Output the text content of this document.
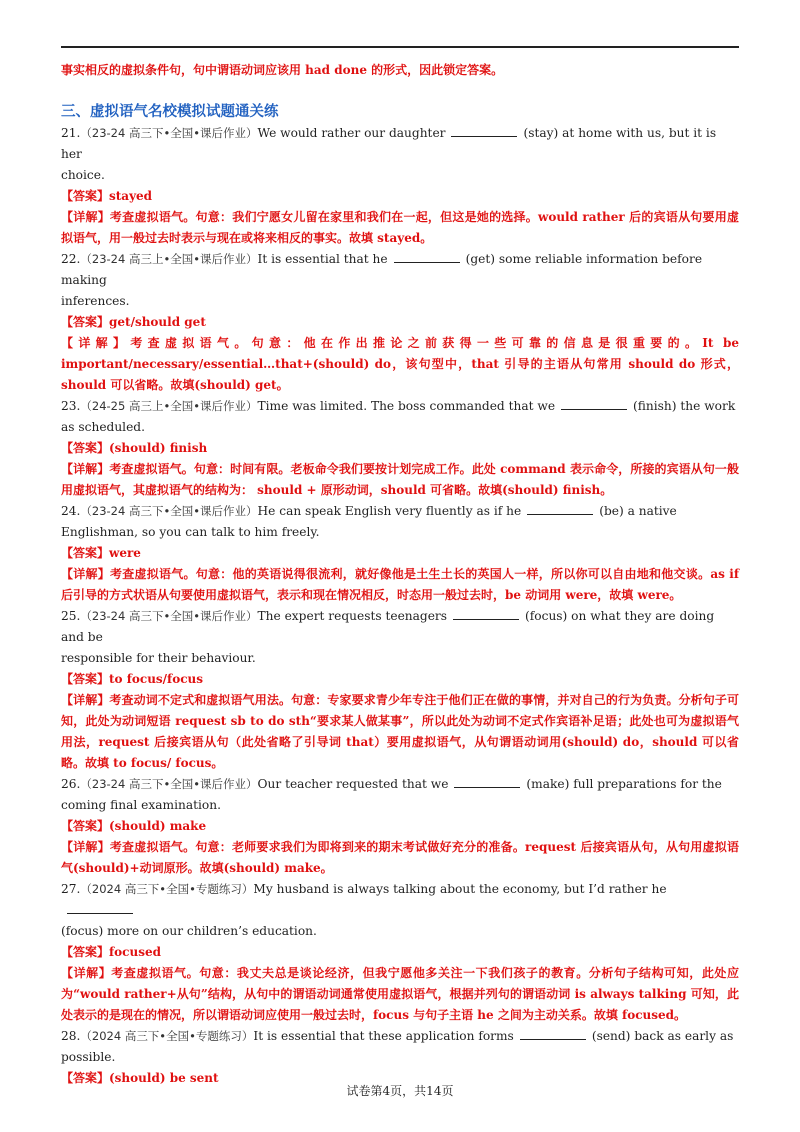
事实相反的虚拟条件句，句中谓语动词应该用 had done 的形式，因此锁定答案。

三、虚拟语气名校模拟试题通关练

21.（23-24 高三下•全国•课后作业）We would rather our daughter	(stay) at home with us, but it is her

choice.

【答案】stayed

【详解】考查虚拟语气。句意：我们宁愿女儿留在家里和我们在一起，但这是她的选择。would rather 后的宾语从句要用虚拟语气，用一般过去时表示与现在或将来相反的事实。故填 stayed。

22.（23-24 高三上•全国•课后作业）It is essential that he	(get) some reliable information before making

inferences.

【答案】get/should get

【详解】考查虚拟语气。句意：他在作出推论之前获得一些可靠的信息是很重要的。It be important/necessary/essential…that+(should) do，该句型中，that 引导的主语从句常用 should do 形式，should 可以省略。故填(should) get。

23.（24-25 高三上•全国•课后作业）Time was limited. The boss commanded that we	(finish) the work

as scheduled.

【答案】(should) finish

【详解】考查虚拟语气。句意：时间有限。老板命令我们要按计划完成工作。此处 command 表示命令，所接的宾语从句一般用虚拟语气，其虚拟语气的结构为： should + 原形动词，should 可省略。故填(should) finish。

24.（23-24 高三下•全国•课后作业）He can speak English very fluently as if he	(be) a native

Englishman, so you can talk to him freely.

【答案】were

【详解】考查虚拟语气。句意：他的英语说得很流利，就好像他是土生土长的英国人一样，所以你可以自由地和他交谈。as if 后引导的方式状语从句要使用虚拟语气，表示和现在情况相反，时态用一般过去时，be 动词用 were，故填 were。

25.（23-24 高三下•全国•课后作业）The expert requests teenagers	(focus) on what they are doing and be

responsible for their behaviour.

【答案】to focus/focus

【详解】考查动词不定式和虚拟语气用法。句意：专家要求青少年专注于他们正在做的事情，并对自己的行为负责。分析句子可知，此处为动词短语 request sb to do sth“要求某人做某事”，所以此处为动词不定式作宾语补足语；此处也可为虚拟语气用法，request 后接宾语从句（此处省略了引导词 that）要用虚拟语气，从句谓语动词用(should) do，should 可以省略。故填 to focus/ focus。

26.（23-24 高三下•全国•课后作业）Our teacher requested that we	(make) full preparations for the

coming final examination.

【答案】(should) make

【详解】考查虚拟语气。句意：老师要求我们为即将到来的期末考试做好充分的准备。request 后接宾语从句，从句用虚拟语气(should)+动词原形。故填(should) make。

27.（2024 高三下•全国•专题练习）My husband is always talking about the economy, but I’d rather he

(focus) more on our children’s education.

【答案】focused

【详解】考查虚拟语气。句意：我丈夫总是谈论经济，但我宁愿他多关注一下我们孩子的教育。分析句子结构可知，此处应为“would rather+从句”结构，从句中的谓语动词通常使用虚拟语气，根据并列句的谓语动词 is always talking 可知，此处表示的是现在的情况，所以谓语动词应使用一般过去时，focus 与句子主语 he 之间为主动关系。故填 focused。

28.（2024 高三下•全国•专题练习）It is essential that these application forms	(send) back as early as

possible.

【答案】(should) be sent

试卷第4页，共14页
